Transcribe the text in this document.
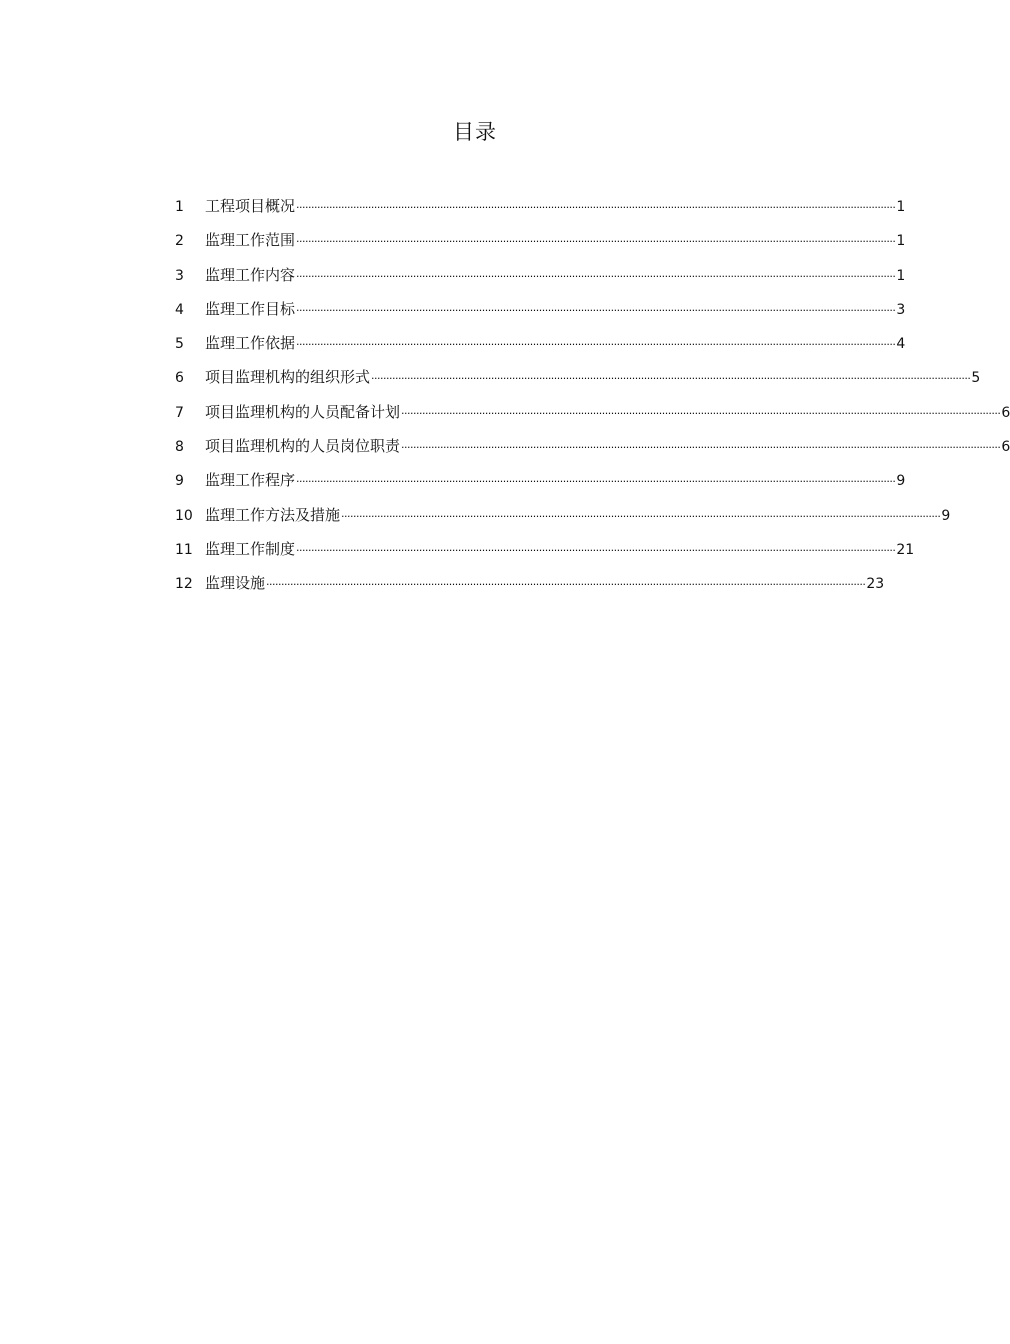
目录
1	工程项目概况 ········································································································································································································ 1
2	监理工作范围 ········································································································································································································ 1
3	监理工作内容 ········································································································································································································ 1
4	监理工作目标 ········································································································································································································ 3
5	监理工作依据 ········································································································································································································ 4
6	项目监理机构的组织形式 ········································································································································································································ 5
7	项目监理机构的人员配备计划 ········································································································································································································ 6
8	项目监理机构的人员岗位职责 ········································································································································································································ 6
9	监理工作程序 ········································································································································································································ 9
10 监理工作方法及措施 ········································································································································································································ 9
11 监理工作制度 ········································································································································································································ 21
12 监理设施 ········································································································································································································ 23
